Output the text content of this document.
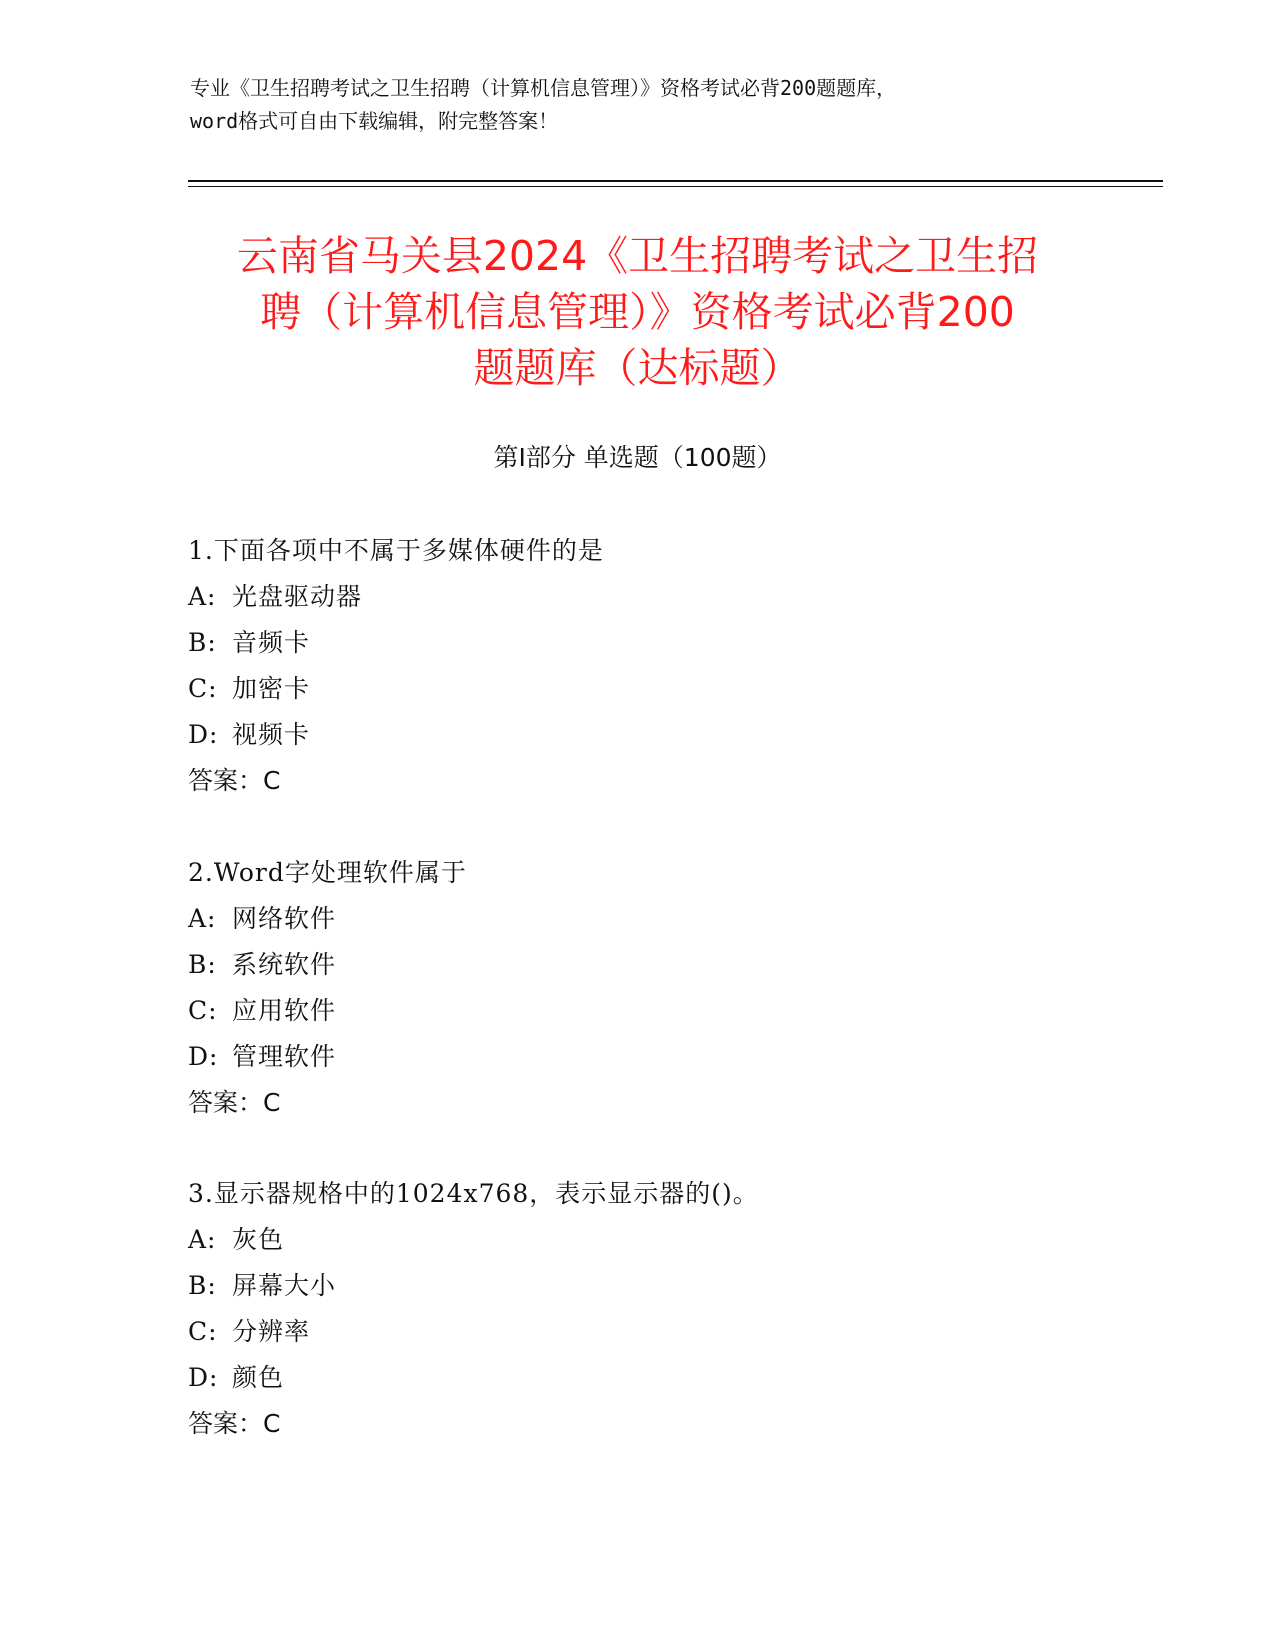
专业《卫生招聘考试之卫生招聘（计算机信息管理）》资格考试必背200题题库，
word格式可自由下载编辑，附完整答案！
云南省马关县2024《卫生招聘考试之卫生招
聘（计算机信息管理）》资格考试必背200
题题库（达标题）
第Ⅰ部分 单选题（100题）
1.下面各项中不属于多媒体硬件的是
A: 光盘驱动器
B: 音频卡
C: 加密卡
D: 视频卡
答案：C
2.Word字处理软件属于
A: 网络软件
B: 系统软件
C: 应用软件
D: 管理软件
答案：C
3.显示器规格中的1024x768，表示显示器的()。
A: 灰色
B: 屏幕大小
C: 分辨率
D: 颜色
答案：C
